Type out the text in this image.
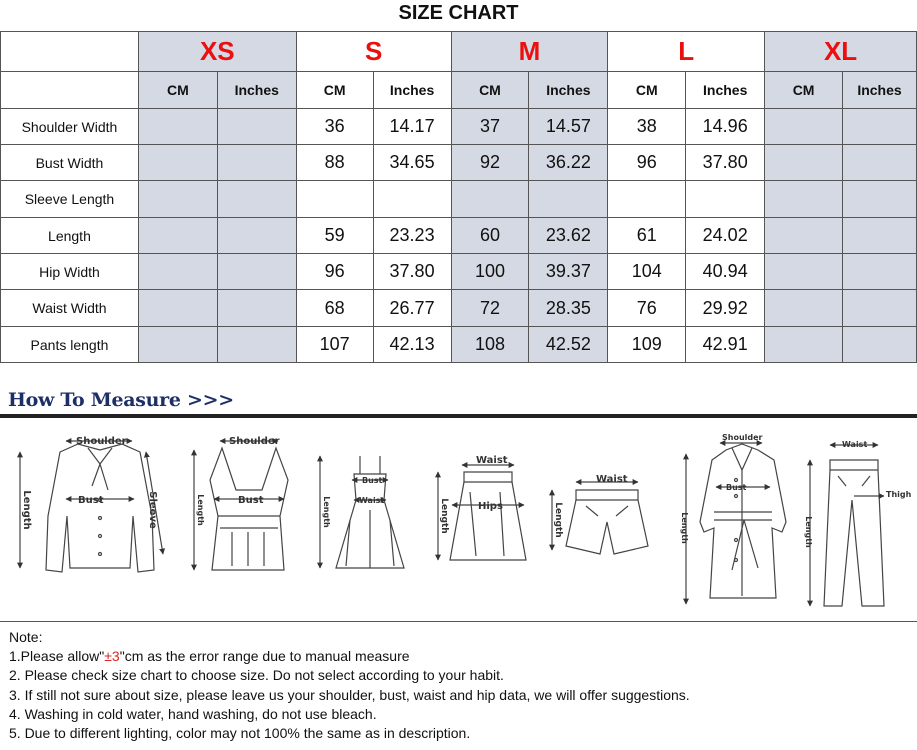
SIZE CHART
	XS		S		M		L		XL	
	CM	Inches	CM	Inches	CM	Inches	CM	Inches	CM	Inches
Shoulder Width			36	14.17	37	14.57	38	14.96		
Bust Width			88	34.65	92	36.22	96	37.80		
Sleeve Length										
Length			59	23.23	60	23.62	61	24.02		
Hip Width			96	37.80	100	39.37	104	40.94		
Waist Width			68	26.77	72	28.35	76	29.92		
Pants length			107	42.13	108	42.52	109	42.91		
How To Measure >>>
Shoulder
Bust
Length	Sleeve
Shoulder
Bust
Length
Bust
Waist
Length
Waist
Hips
Length
Waist
Length
Shoulder
Bust
Length
Waist
Thigh
Length
Note:
1.Please allow"±3"cm as the error range due to manual measure
2. Please check size chart to choose size. Do not select according to your habit.
3. If still not sure about size, please leave us your shoulder, bust, waist and hip data, we will offer suggestions.
4. Washing in cold water, hand washing, do not use bleach.
5. Due to different lighting, color may not 100% the same as in description.
